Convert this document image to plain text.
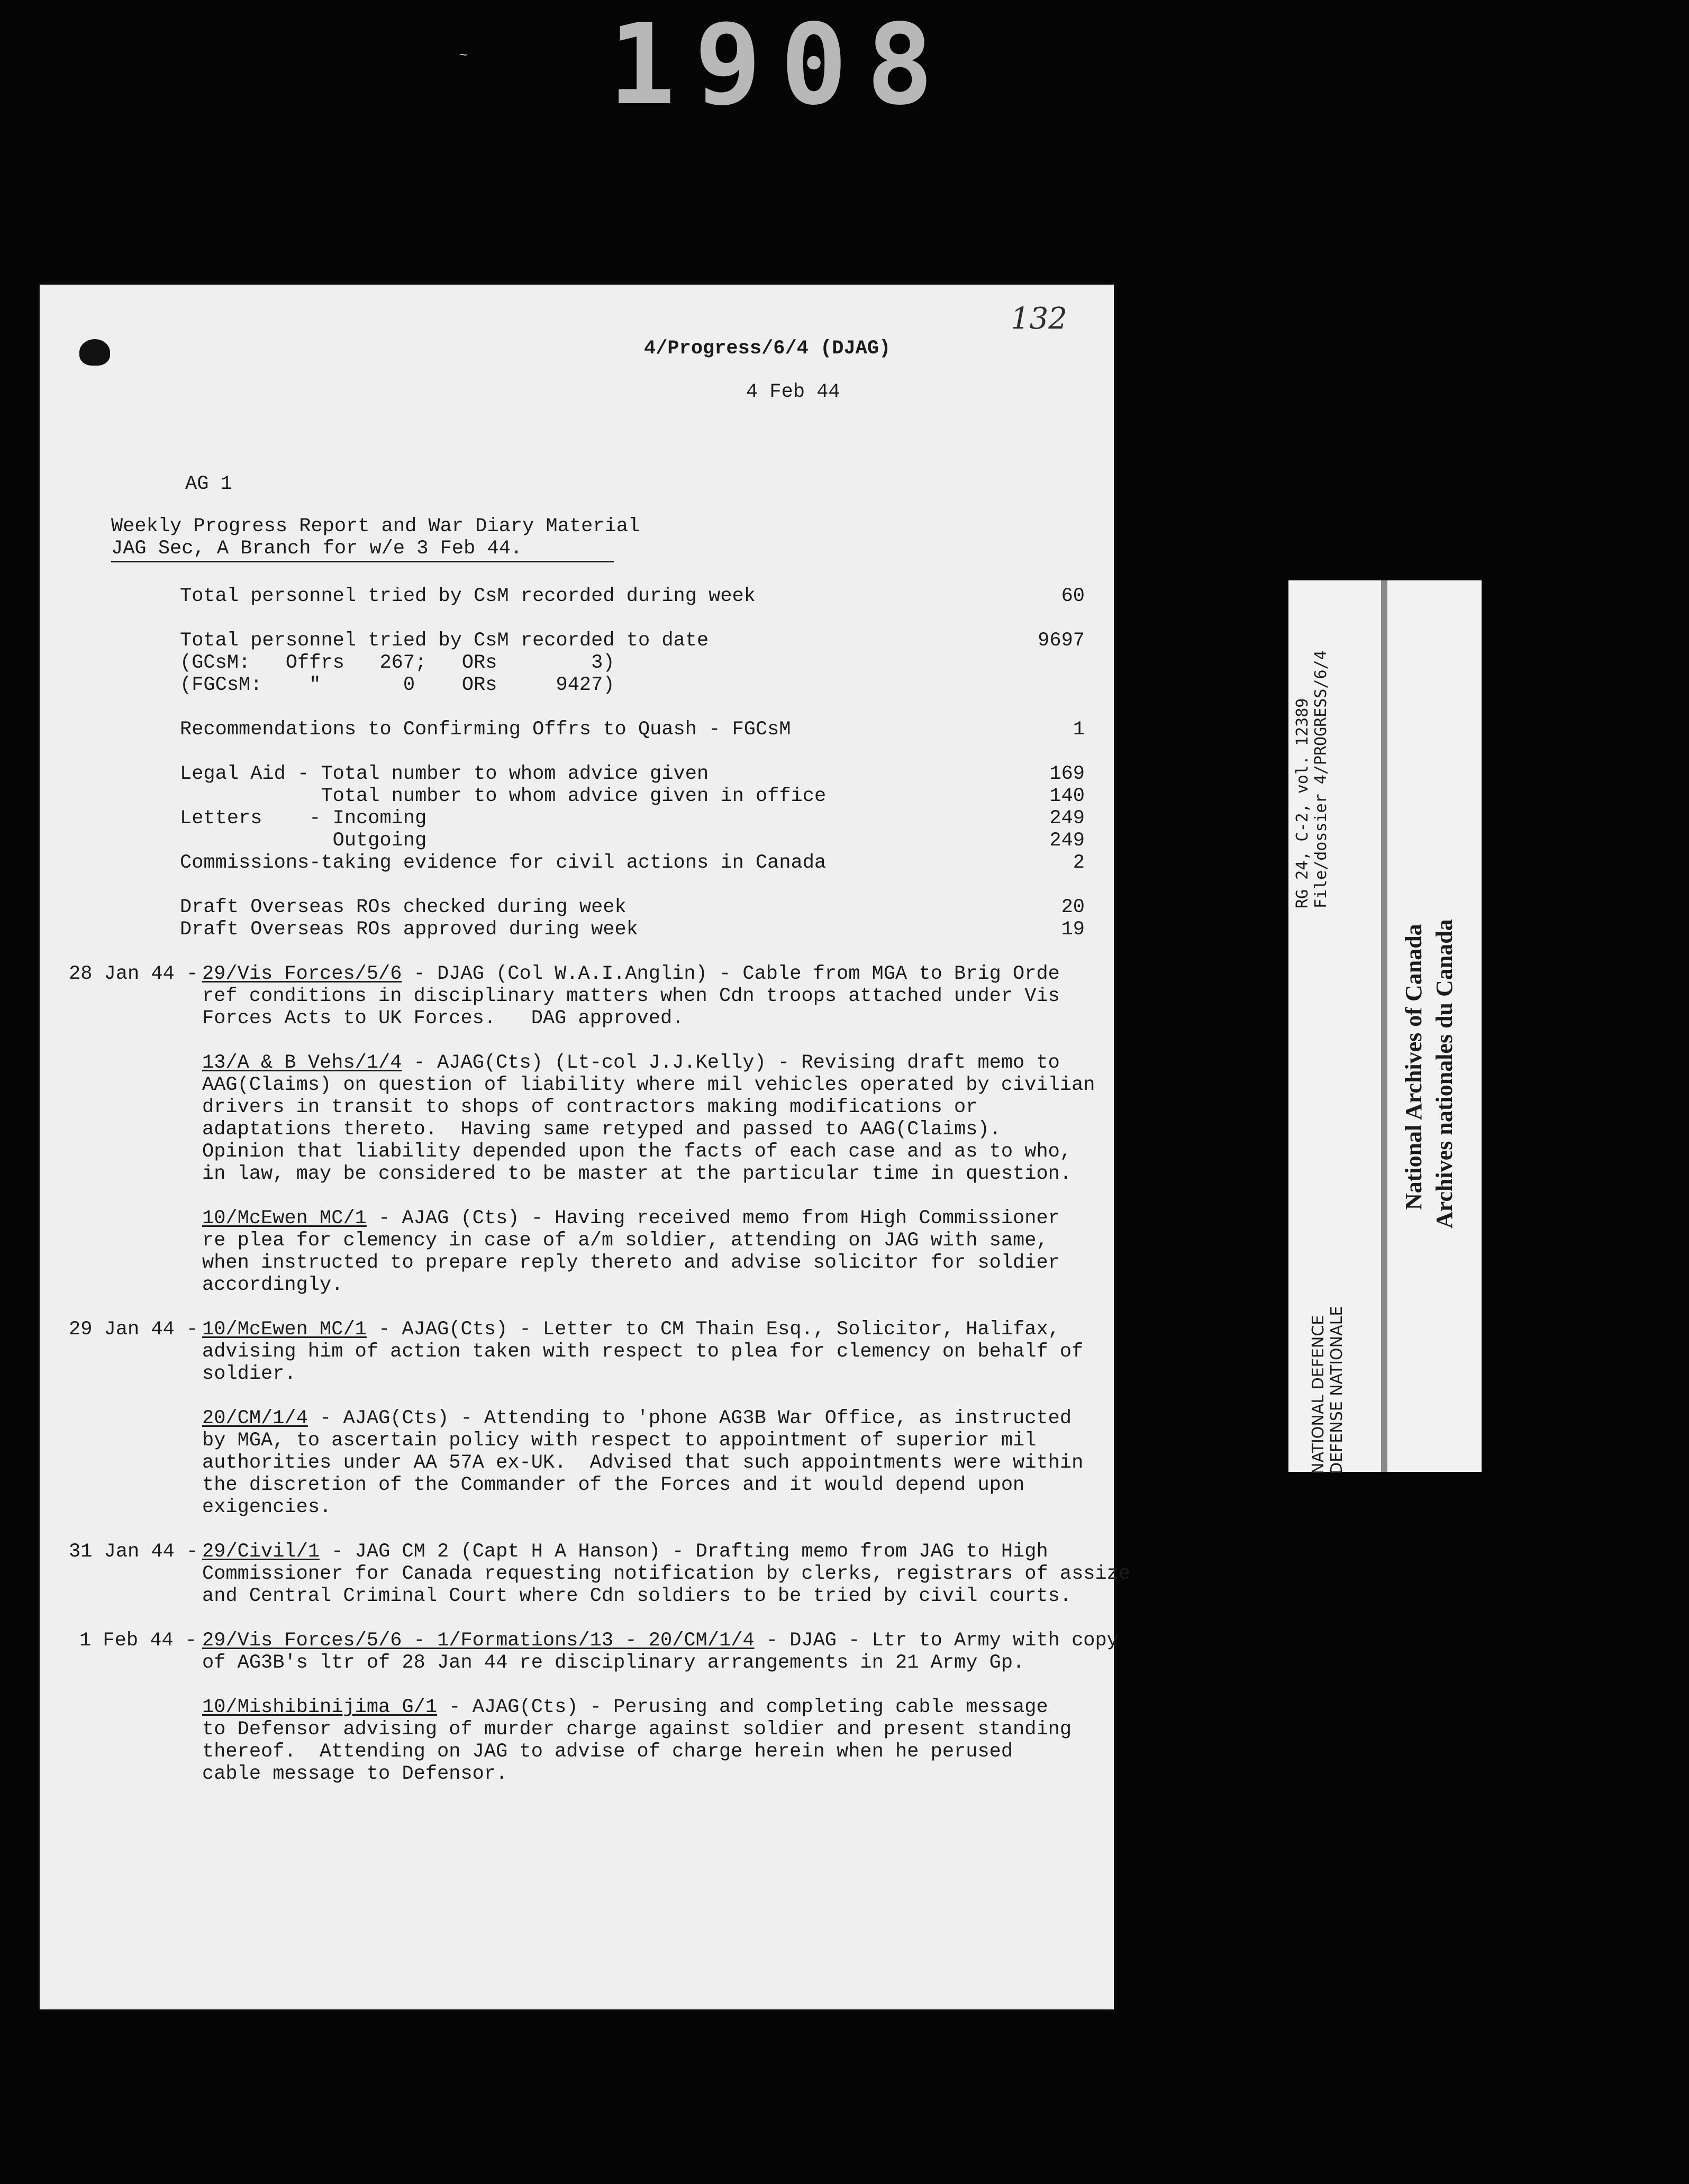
1908
~
4/Progress/6/4 (DJAG)
132
4 Feb 44
AG 1
Weekly Progress Report and War Diary Material
JAG Sec, A Branch for w/e 3 Feb 44.
Total personnel tried by CsM recorded during week	60
Total personnel tried by CsM recorded to date	9697
(GCsM:   Offrs   267;   ORs        3)
(FGCsM:    "       0    ORs     9427)
Recommendations to Confirming Offrs to Quash - FGCsM	1
Legal Aid - Total number to whom advice given	169
Total number to whom advice given in office	140
Letters    - Incoming	249
Outgoing	249
Commissions-taking evidence for civil actions in Canada	2
Draft Overseas ROs checked during week	20
Draft Overseas ROs approved during week	19
28 Jan 44 - 29/Vis Forces/5/6 - DJAG (Col W.A.I.Anglin) - Cable from MGA to Brig Orde
ref conditions in disciplinary matters when Cdn troops attached under Vis
Forces Acts to UK Forces.   DAG approved.
13/A & B Vehs/1/4 - AJAG(Cts) (Lt-col J.J.Kelly) - Revising draft memo to
AAG(Claims) on question of liability where mil vehicles operated by civilian
drivers in transit to shops of contractors making modifications or
adaptations thereto.  Having same retyped and passed to AAG(Claims).
Opinion that liability depended upon the facts of each case and as to who,
in law, may be considered to be master at the particular time in question.
10/McEwen MC/1 - AJAG (Cts) - Having received memo from High Commissioner
re plea for clemency in case of a/m soldier, attending on JAG with same,
when instructed to prepare reply thereto and advise solicitor for soldier
accordingly.
29 Jan 44 - 10/McEwen MC/1 - AJAG(Cts) - Letter to CM Thain Esq., Solicitor, Halifax,
advising him of action taken with respect to plea for clemency on behalf of
soldier.
20/CM/1/4 - AJAG(Cts) - Attending to 'phone AG3B War Office, as instructed
by MGA, to ascertain policy with respect to appointment of superior mil
authorities under AA 57A ex-UK.  Advised that such appointments were within
the discretion of the Commander of the Forces and it would depend upon
exigencies.
31 Jan 44 - 29/Civil/1 - JAG CM 2 (Capt H A Hanson) - Drafting memo from JAG to High
Commissioner for Canada requesting notification by clerks, registrars of assize
and Central Criminal Court where Cdn soldiers to be tried by civil courts.
1 Feb 44 - 29/Vis Forces/5/6 - 1/Formations/13 - 20/CM/1/4 - DJAG - Ltr to Army with copy
of AG3B's ltr of 28 Jan 44 re disciplinary arrangements in 21 Army Gp.
10/Mishibinijima G/1 - AJAG(Cts) - Perusing and completing cable message
to Defensor advising of murder charge against soldier and present standing
thereof.  Attending on JAG to advise of charge herein when he perused
cable message to Defensor.
RG 24, C-2, vol. 12389 File/dossier 4/PROGRESS/6/4
NATIONAL DEFENCE DEFENSE NATIONALE
National Archives of Canada Archives nationales du Canada
